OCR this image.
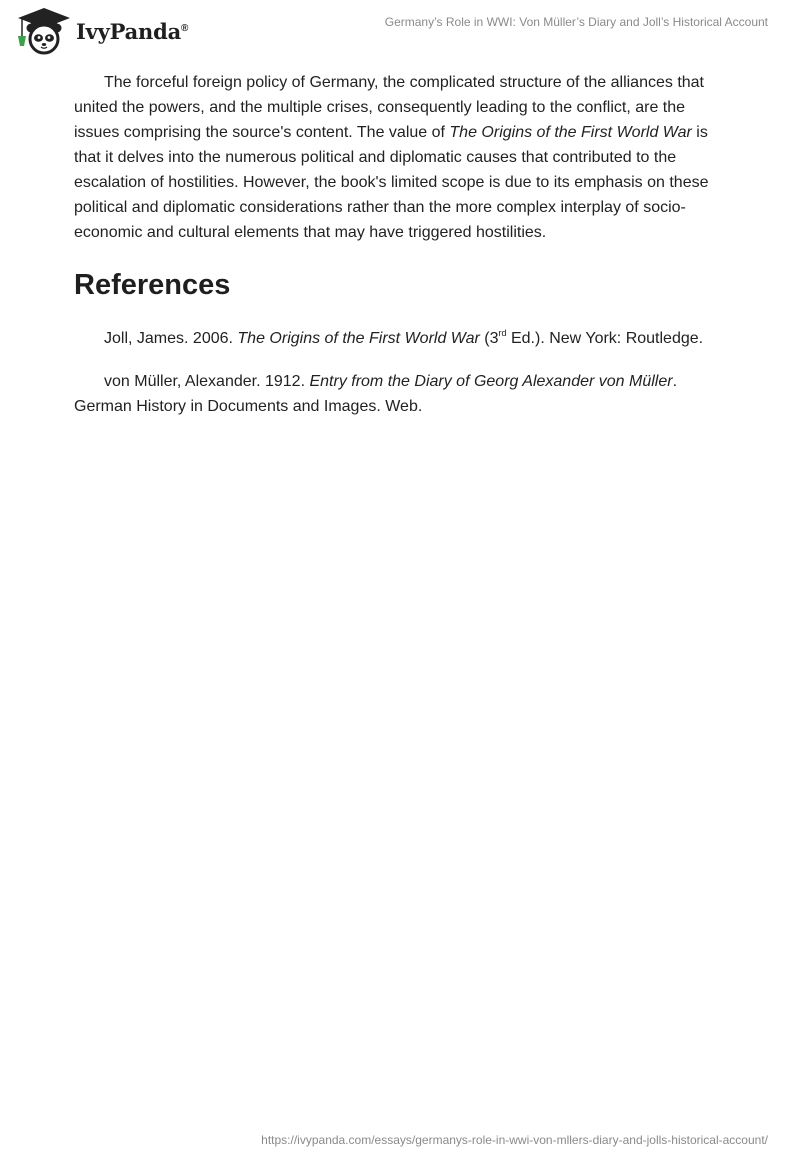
IvyPanda®	Germany’s Role in WWI: Von Müller’s Diary and Joll’s Historical Account

The forceful foreign policy of Germany, the complicated structure of the alliances that united the powers, and the multiple crises, consequently leading to the conflict, are the issues comprising the source's content. The value of The Origins of the First World War is that it delves into the numerous political and diplomatic causes that contributed to the escalation of hostilities. However, the book's limited scope is due to its emphasis on these political and diplomatic considerations rather than the more complex interplay of socio-economic and cultural elements that may have triggered hostilities.

References

Joll, James. 2006. The Origins of the First World War (3rd Ed.). New York: Routledge.

von Müller, Alexander. 1912. Entry from the Diary of Georg Alexander von Müller. German History in Documents and Images. Web.

https://ivypanda.com/essays/germanys-role-in-wwi-von-mllers-diary-and-jolls-historical-account/
